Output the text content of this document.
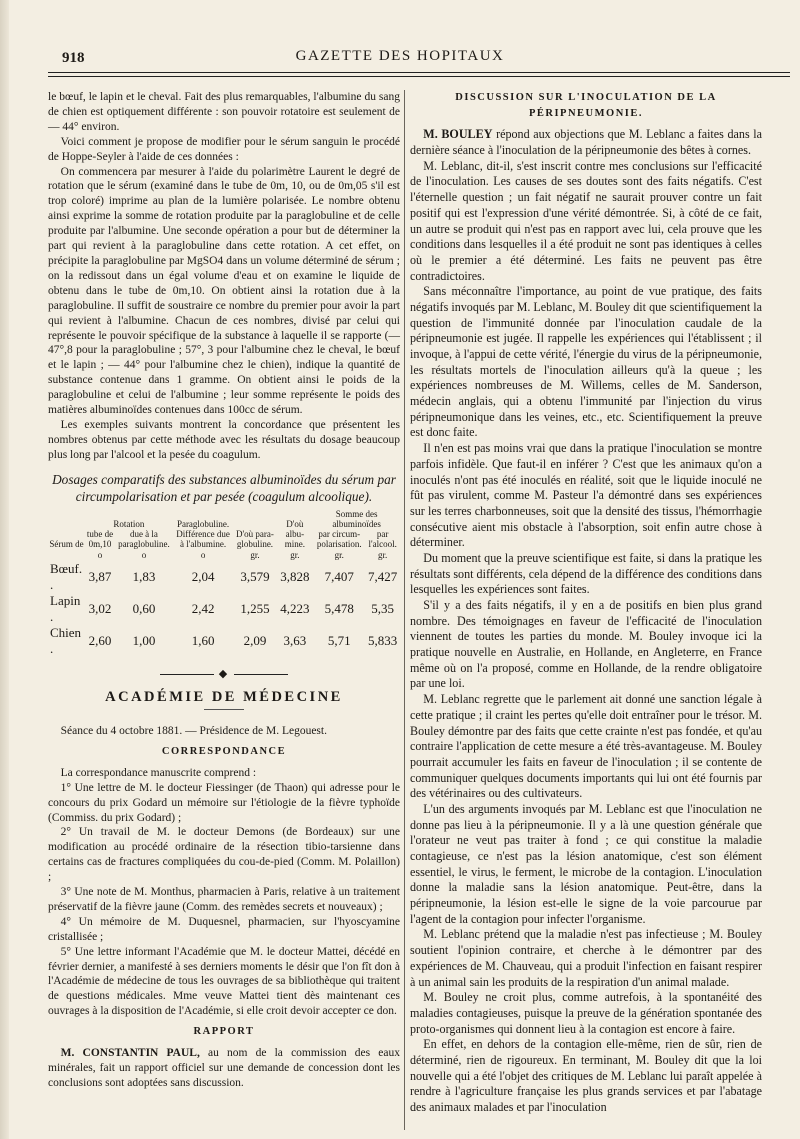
918	GAZETTE DES HOPITAUX

le bœuf, le lapin et le cheval. Fait des plus remarquables, l'albumine du sang de chien est optiquement différente : son pouvoir rotatoire est seulement de — 44° environ.

Voici comment je propose de modifier pour le sérum sanguin le procédé de Hoppe-Seyler à l'aide de ces données :

On commencera par mesurer à l'aide du polarimètre Laurent le degré de rotation que le sérum (examiné dans le tube de 0m, 10, ou de 0m,05 s'il est trop coloré) imprime au plan de la lumière polarisée. Le nombre obtenu ainsi exprime la somme de rotation produite par la paraglobuline et de celle produite par l'albumine. Une seconde opération a pour but de déterminer la part qui revient à la paraglobuline dans cette rotation. A cet effet, on précipite la paraglobuline par MgSO4 dans un volume déterminé de sérum ; on la redissout dans un égal volume d'eau et on examine le liquide de obtenu dans le tube de 0m,10. On obtient ainsi la rotation due à la paraglobuline. Il suffit de soustraire ce nombre du premier pour avoir la part qui revient à l'albumine. Chacun de ces nombres, divisé par celui qui représente le pouvoir spécifique de la substance à laquelle il se rapporte (— 47°,8 pour la paraglobuline ; 57°, 3 pour l'albumine chez le cheval, le bœuf et le lapin ; — 44° pour l'albumine chez le chien), indique la quantité de substance contenue dans 1 gramme. On obtient ainsi le poids de la paraglobuline et celui de l'albumine ; leur somme représente le poids des matières albuminoïdes contenues dans 100cc de sérum.

Les exemples suivants montrent la concordance que présentent les nombres obtenus par cette méthode avec les résultats du dosage beaucoup plus long par l'alcool et la pesée du coagulum.

Dosages comparatifs des substances albuminoïdes du sérum par circumpolarisation et par pesée (coagulum alcoolique).
Sérum de	Rotation		Paraglobuline.	D'où para-globuline.	D'où albu-mine.	Somme des albuminoïdes	
	tube de 0m,10	due à la paraglobuline.	Différence due à l'albumine.			par circum-polarisation.	par l'alcool.
	o	o	o	gr.	gr.	gr.	gr.
Bœuf. .	3,87	1,83	2,04	3,579	3,828	7,407	7,427
Lapin .	3,02	0,60	2,42	1,255	4,223	5,478	5,35
Chien .	2,60	1,00	1,60	2,09	3,63	5,71	5,833
◆
ACADÉMIE DE MÉDECINE

Séance du 4 octobre 1881. — Présidence de M. Legouest.

CORRESPONDANCE

La correspondance manuscrite comprend :

1° Une lettre de M. le docteur Fiessinger (de Thaon) qui adresse pour le concours du prix Godard un mémoire sur l'étiologie de la fièvre typhoïde (Commiss. du prix Godard) ;

2° Un travail de M. le docteur Demons (de Bordeaux) sur une modification au procédé ordinaire de la résection tibio-tarsienne dans certains cas de fractures compliquées du cou-de-pied (Comm. M. Polaillon) ;

3° Une note de M. Monthus, pharmacien à Paris, relative à un traitement préservatif de la fièvre jaune (Comm. des remèdes secrets et nouveaux) ;

4° Un mémoire de M. Duquesnel, pharmacien, sur l'hyoscyamine cristallisée ;

5° Une lettre informant l'Académie que M. le docteur Mattei, décédé en février dernier, a manifesté à ses derniers moments le désir que l'on fît don à l'Académie de médecine de tous les ouvrages de sa bibliothèque qui traitent de questions médicales. Mme veuve Mattei tient dès maintenant ces ouvrages à la disposition de l'Académie, si elle croit devoir accepter ce don.

RAPPORT

M. CONSTANTIN PAUL, au nom de la commission des eaux minérales, fait un rapport officiel sur une demande de concession dont les conclusions sont adoptées sans discussion.

DISCUSSION SUR L'INOCULATION DE LA PÉRIPNEUMONIE.

M. BOULEY répond aux objections que M. Leblanc a faites dans la dernière séance à l'inoculation de la péripneumonie des bêtes à cornes.

M. Leblanc, dit-il, s'est inscrit contre mes conclusions sur l'efficacité de l'inoculation. Les causes de ses doutes sont des faits négatifs. C'est l'éternelle question ; un fait négatif ne saurait prouver contre un fait positif qui est l'expression d'une vérité démontrée. Si, à côté de ce fait, un autre se produit qui n'est pas en rapport avec lui, cela prouve que les conditions dans lesquelles il a été produit ne sont pas identiques à celles où le premier a été déterminé. Les faits ne peuvent pas être contradictoires.

Sans méconnaître l'importance, au point de vue pratique, des faits négatifs invoqués par M. Leblanc, M. Bouley dit que scientifiquement la question de l'immunité donnée par l'inoculation caudale de la péripneumonie est jugée. Il rappelle les expériences qui l'établissent ; il invoque, à l'appui de cette vérité, l'énergie du virus de la péripneumonie, les résultats mortels de l'inoculation ailleurs qu'à la queue ; les expériences nombreuses de M. Willems, celles de M. Sanderson, médecin anglais, qui a obtenu l'immunité par l'injection du virus péripneumonique dans les veines, etc., etc. Scientifiquement la preuve est donc faite.

Il n'en est pas moins vrai que dans la pratique l'inoculation se montre parfois infidèle. Que faut-il en inférer ? C'est que les animaux qu'on a inoculés n'ont pas été inoculés en réalité, soit que le liquide inoculé ne fût pas virulent, comme M. Pasteur l'a démontré dans ses expériences sur les terres charbonneuses, soit que la densité des tissus, l'hémorrhagie consécutive aient mis obstacle à l'absorption, soit enfin autre chose à déterminer.

Du moment que la preuve scientifique est faite, si dans la pratique les résultats sont différents, cela dépend de la différence des conditions dans lesquelles les expériences sont faites.

S'il y a des faits négatifs, il y en a de positifs en bien plus grand nombre. Des témoignages en faveur de l'efficacité de l'inoculation viennent de toutes les parties du monde. M. Bouley invoque ici la pratique nouvelle en Australie, en Hollande, en Angleterre, en France même où on l'a proposé, comme en Hollande, de la rendre obligatoire par une loi.

M. Leblanc regrette que le parlement ait donné une sanction légale à cette pratique ; il craint les pertes qu'elle doit entraîner pour le trésor. M. Bouley démontre par des faits que cette crainte n'est pas fondée, et qu'au contraire l'application de cette mesure a été très-avantageuse. M. Bouley pourrait accumuler les faits en faveur de l'inoculation ; il se contente de communiquer quelques documents importants qui lui ont été fournis par des vétérinaires ou des cultivateurs.

L'un des arguments invoqués par M. Leblanc est que l'inoculation ne donne pas lieu à la péripneumonie. Il y a là une question générale que l'orateur ne veut pas traiter à fond ; ce qui constitue la maladie contagieuse, ce n'est pas la lésion anatomique, c'est son élément essentiel, le virus, le ferment, le microbe de la contagion. L'inoculation donne la maladie sans la lésion anatomique. Peut-être, dans la péripneumonie, la lésion est-elle le signe de la voie parcourue par l'agent de la contagion pour infecter l'organisme.

M. Leblanc prétend que la maladie n'est pas infectieuse ; M. Bouley soutient l'opinion contraire, et cherche à le démontrer par des expériences de M. Chauveau, qui a produit l'infection en faisant respirer à un animal sain les produits de la respiration d'un animal malade.

M. Bouley ne croit plus, comme autrefois, à la spontanéité des maladies contagieuses, puisque la preuve de la génération spontanée des proto-organismes qui donnent lieu à la contagion est encore à faire.

En effet, en dehors de la contagion elle-même, rien de sûr, rien de déterminé, rien de rigoureux. En terminant, M. Bouley dit que la loi nouvelle qui a été l'objet des critiques de M. Leblanc lui paraît appelée à rendre à l'agriculture française les plus grands services et par l'abatage des animaux malades et par l'inoculation
